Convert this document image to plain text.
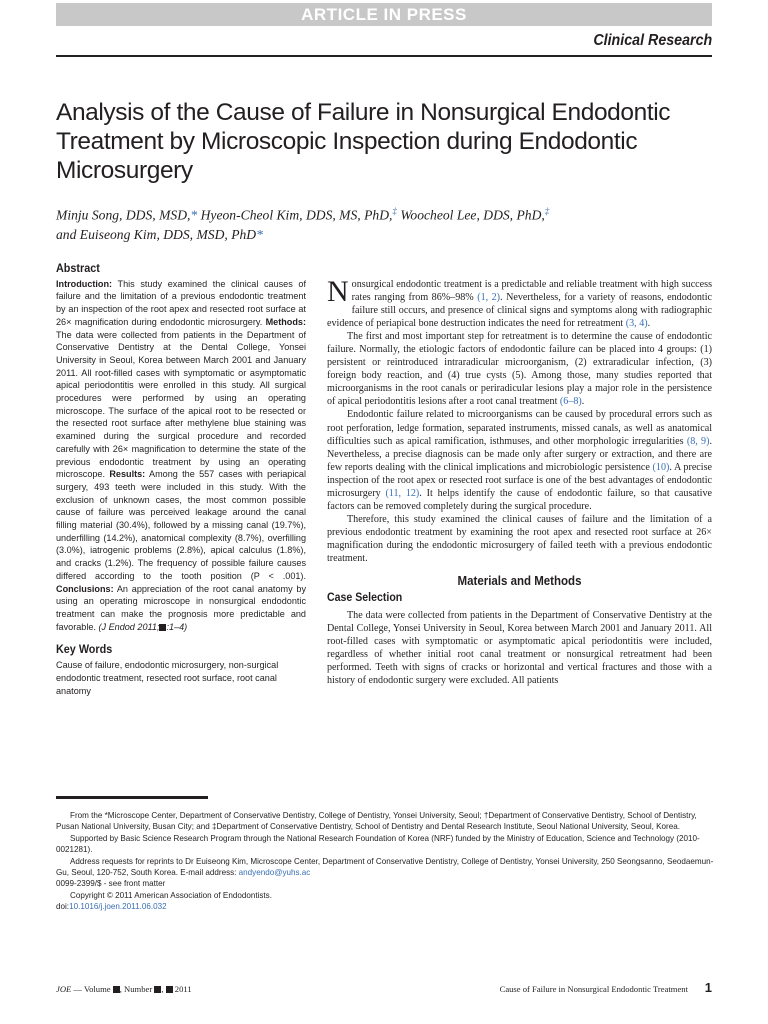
ARTICLE IN PRESS
Clinical Research
Analysis of the Cause of Failure in Nonsurgical Endodontic Treatment by Microscopic Inspection during Endodontic Microsurgery
Minju Song, DDS, MSD,* Hyeon-Cheol Kim, DDS, MS, PhD,‡ Woocheol Lee, DDS, PhD,‡
and Euiseong Kim, DDS, MSD, PhD*
Abstract

Introduction: This study examined the clinical causes of failure and the limitation of a previous endodontic treatment by an inspection of the root apex and resected root surface at 26× magnification during endodontic microsurgery. Methods: The data were collected from patients in the Department of Conservative Dentistry at the Dental College, Yonsei University in Seoul, Korea between March 2001 and January 2011. All root-filled cases with symptomatic or asymptomatic apical periodontitis were enrolled in this study. All surgical procedures were performed by using an operating microscope. The surface of the apical root to be resected or the resected root surface after methylene blue staining was examined during the surgical procedure and recorded carefully with 26× magnification to determine the state of the previous endodontic treatment by using an operating microscope. Results: Among the 557 cases with periapical surgery, 493 teeth were included in this study. With the exclusion of unknown cases, the most common possible cause of failure was perceived leakage around the canal filling material (30.4%), followed by a missing canal (19.7%), underfilling (14.2%), anatomical complexity (8.7%), overfilling (3.0%), iatrogenic problems (2.8%), apical calculus (1.8%), and cracks (1.2%). The frequency of possible failure causes differed according to the tooth position (P < .001). Conclusions: An appreciation of the root canal anatomy by using an operating microscope in nonsurgical endodontic treatment can make the prognosis more predictable and favorable. (J Endod 2011; :1–4)

Key Words

Cause of failure, endodontic microsurgery, non-surgical endodontic treatment, resected root surface, root canal anatomy

Nonsurgical endodontic treatment is a predictable and reliable treatment with high success rates ranging from 86%–98% (1, 2). Nevertheless, for a variety of reasons, endodontic failure still occurs, and presence of clinical signs and symptoms along with radiographic evidence of periapical bone destruction indicates the need for retreatment (3, 4).

The first and most important step for retreatment is to determine the cause of endodontic failure. Normally, the etiologic factors of endodontic failure can be placed into 4 groups: (1) persistent or reintroduced intraradicular microorganism, (2) extraradicular infection, (3) foreign body reaction, and (4) true cysts (5). Among those, many studies reported that microorganisms in the root canals or periradicular lesions play a major role in the persistence of apical periodontitis lesions after a root canal treatment (6–8).

Endodontic failure related to microorganisms can be caused by procedural errors such as root perforation, ledge formation, separated instruments, missed canals, as well as anatomical difficulties such as apical ramification, isthmuses, and other morphologic irregularities (8, 9). Nevertheless, a precise diagnosis can be made only after surgery or extraction, and there are few reports dealing with the clinical implications and microbiologic persistence (10). A precise inspection of the root apex or resected root surface is one of the best advantages of endodontic microsurgery (11, 12). It helps identify the cause of endodontic failure, so that causative factors can be removed completely during the surgical procedure.

Therefore, this study examined the clinical causes of failure and the limitation of a previous endodontic treatment by examining the root apex and resected root surface at 26× magnification during the endodontic microsurgery of failed teeth with a previous endodontic treatment.

Materials and Methods
Case Selection

The data were collected from patients in the Department of Conservative Dentistry at the Dental College, Yonsei University in Seoul, Korea between March 2001 and January 2011. All root-filled cases with symptomatic or asymptomatic apical periodontitis were included, regardless of whether initial root canal treatment or nonsurgical retreatment had been performed. Teeth with signs of cracks or horizontal and vertical fractures and those with a history of endodontic surgery were excluded. All patients

From the *Microscope Center, Department of Conservative Dentistry, College of Dentistry, Yonsei University, Seoul; †Department of Conservative Dentistry, School of Dentistry, Pusan National University, Busan City; and ‡Department of Conservative Dentistry, School of Dentistry and Dental Research Institute, Seoul National University, Seoul, Korea.

Supported by Basic Science Research Program through the National Research Foundation of Korea (NRF) funded by the Ministry of Education, Science and Technology (2010-0021281).

Address requests for reprints to Dr Euiseong Kim, Microscope Center, Department of Conservative Dentistry, College of Dentistry, Yonsei University, 250 Seongsanno, Seodaemun-Gu, Seoul, 120-752, South Korea. E-mail address: andyendo@yuhs.ac

0099-2399/$ - see front matter

Copyright © 2011 American Association of Endodontists.

doi:10.1016/j.joen.2011.06.032

JOE — Volume , Number ,  2011	Cause of Failure in Nonsurgical Endodontic Treatment 1
